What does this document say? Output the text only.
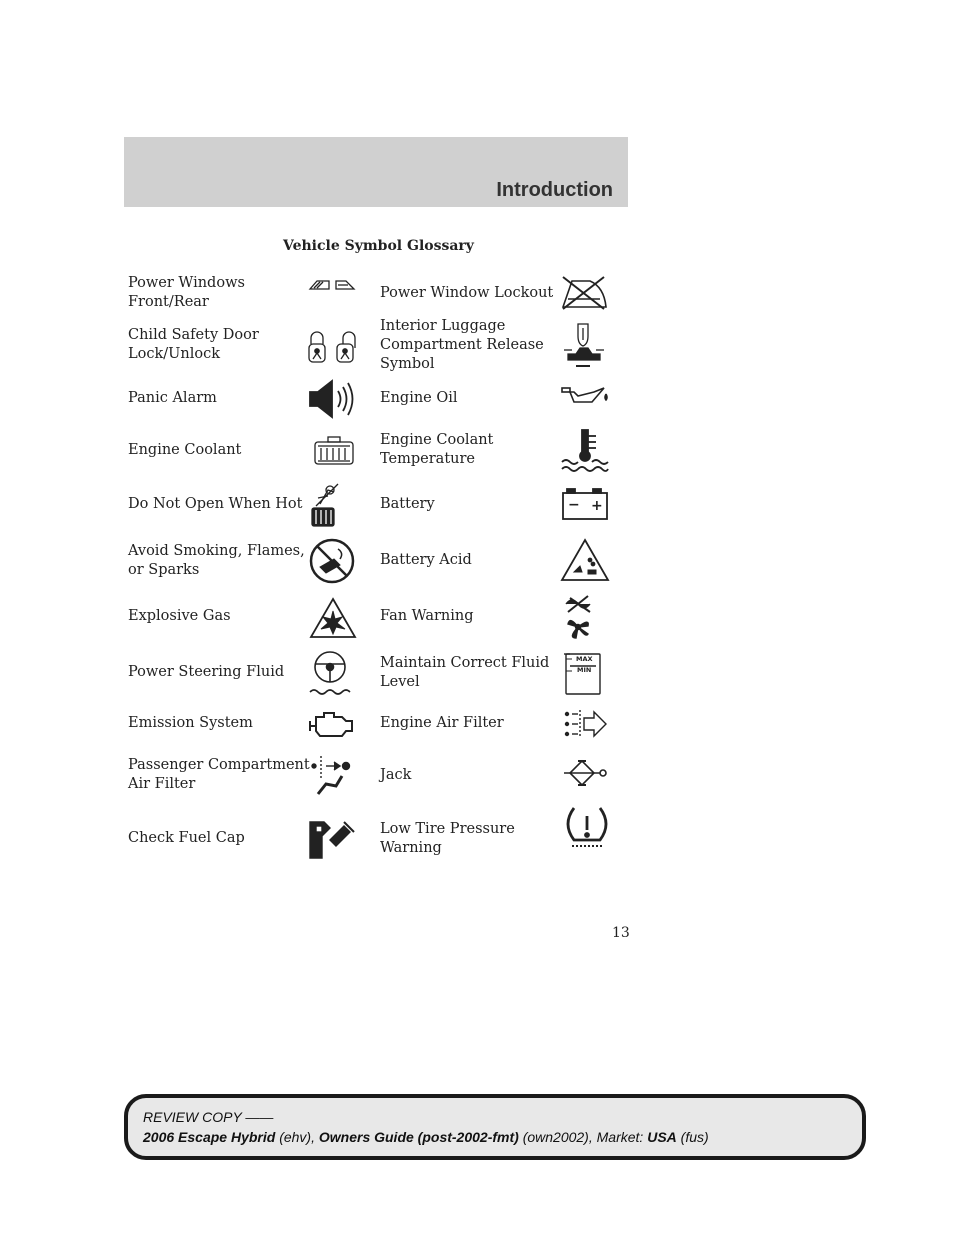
Introduction
Vehicle Symbol Glossary
Power Windows
Front/Rear
Child Safety Door
Lock/Unlock
Panic Alarm
Engine Coolant
Do Not Open When Hot
Avoid Smoking, Flames,
or Sparks
Explosive Gas
Power Steering Fluid
Emission System
Passenger Compartment
Air Filter
Check Fuel Cap
Power Window Lockout
Interior Luggage
Compartment Release
Symbol
Engine Oil
Engine Coolant
Temperature
Battery
Battery Acid
Fan Warning
Maintain Correct Fluid
Level
Engine Air Filter
Jack
Low Tire Pressure
Warning
− +
MAX
MIN
13
REVIEW COPY ——
2006 Escape Hybrid (ehv), Owners Guide (post-2002-fmt) (own2002), Market: USA (fus)
